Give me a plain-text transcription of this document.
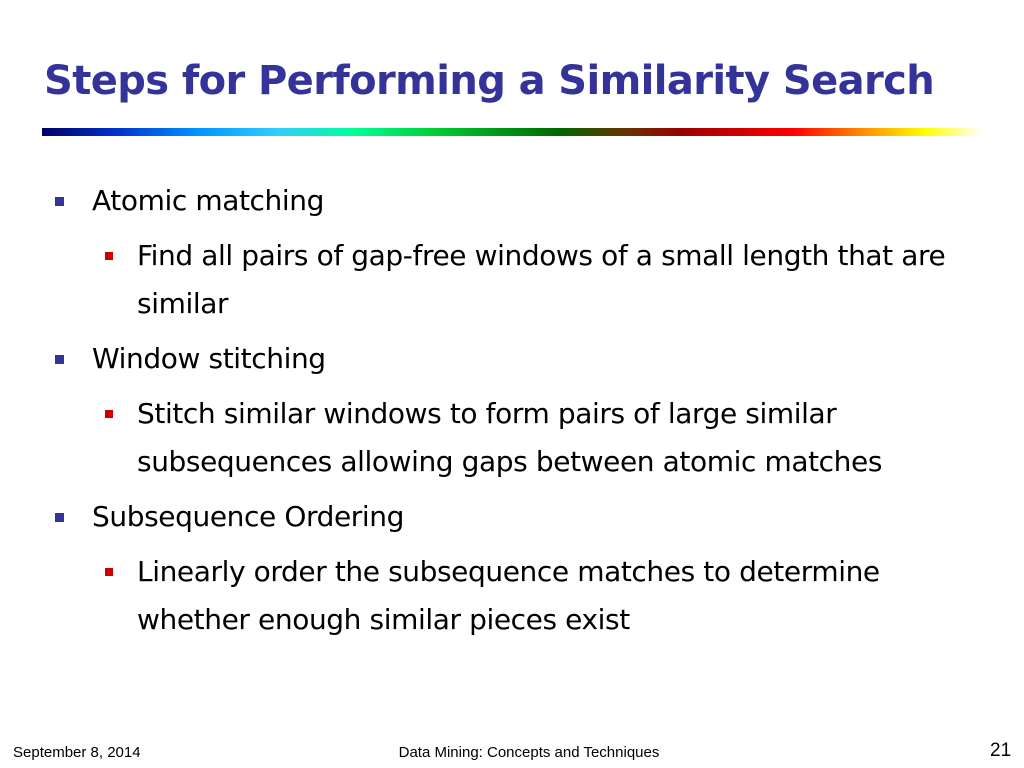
Steps for Performing a Similarity Search
Atomic matching
Find all pairs of gap-free windows of a small length that are similar
Window stitching
Stitch similar windows to form pairs of large similar subsequences allowing gaps between atomic matches
Subsequence Ordering
Linearly order the subsequence matches to determine whether enough similar pieces exist
September 8, 2014	Data Mining: Concepts and Techniques	21
